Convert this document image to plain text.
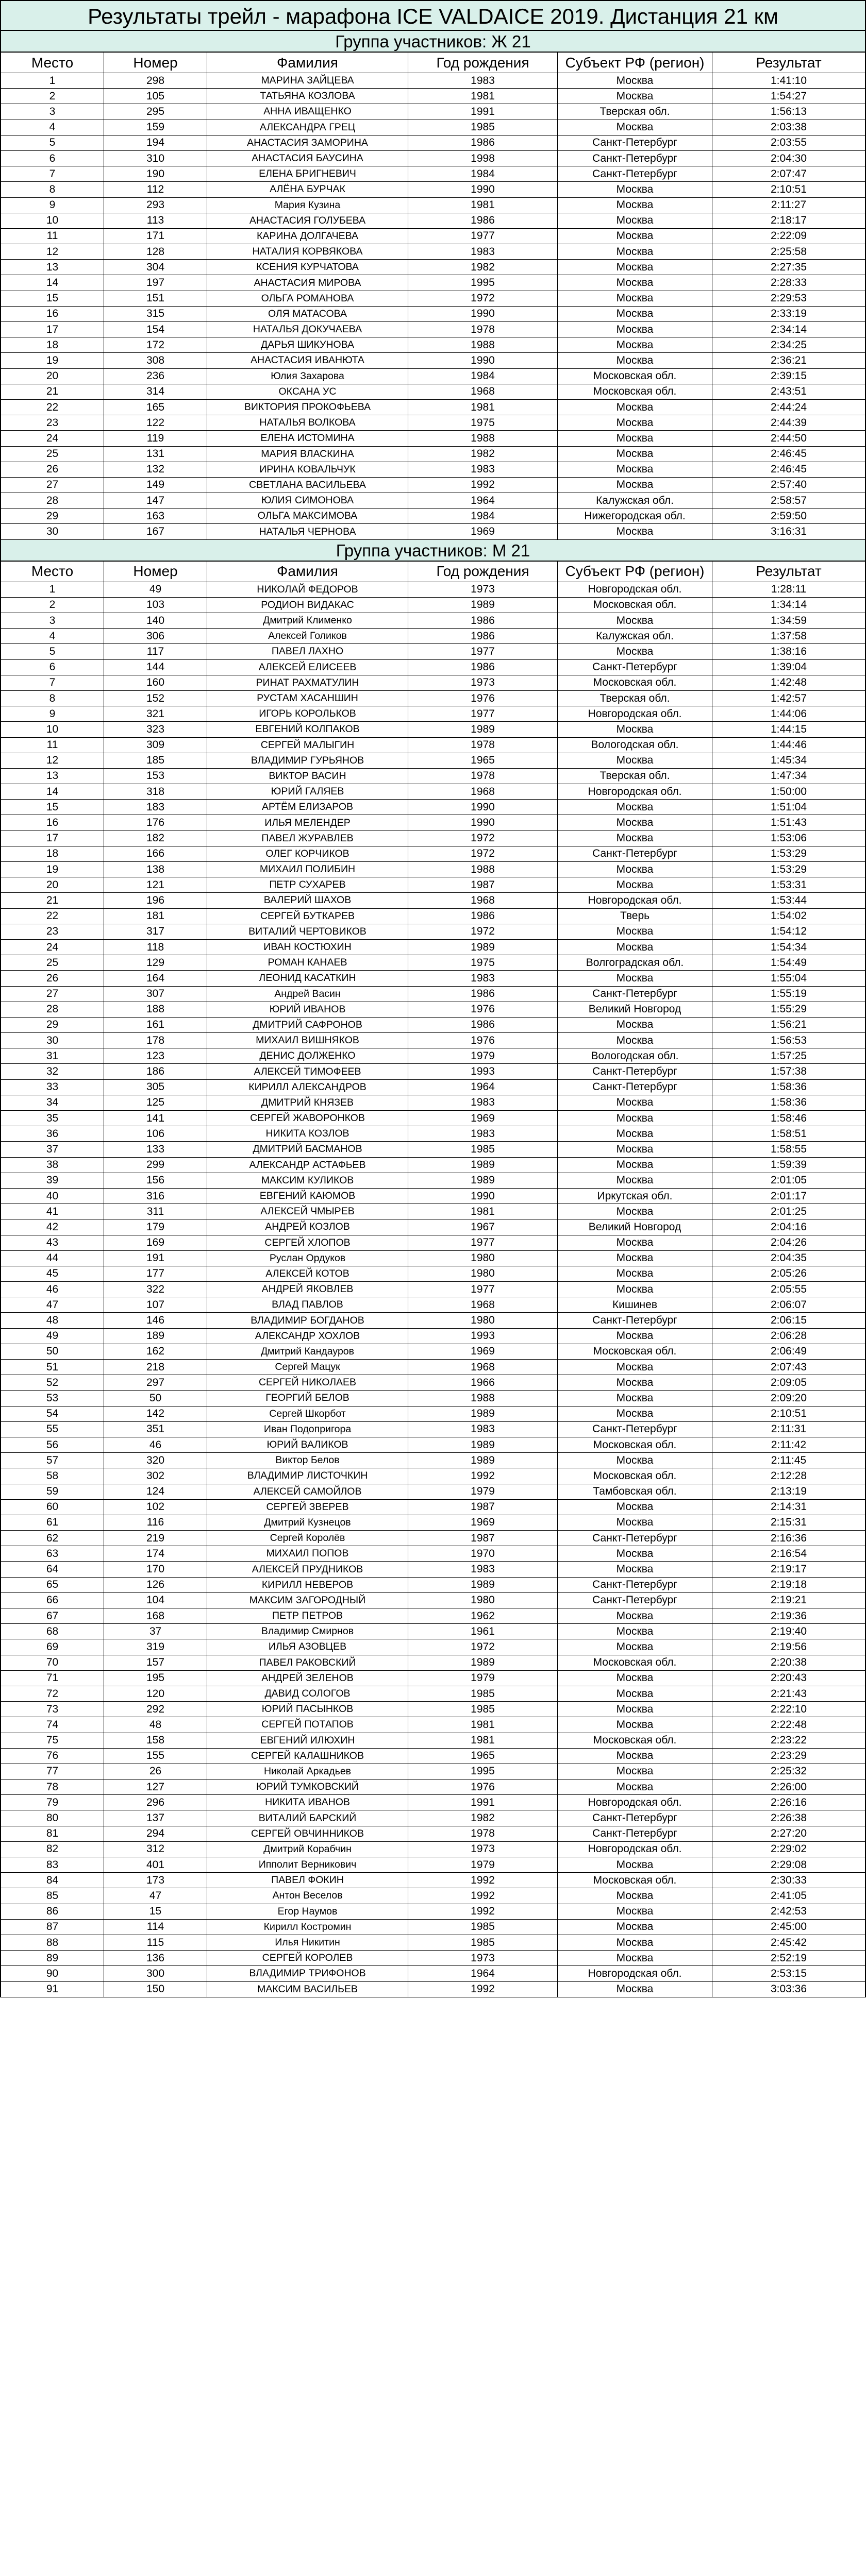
Результаты трейл - марафона ICE VALDAICE 2019. Дистанция 21 км
Группа участников: Ж 21
Место	Номер	Фамилия	Год рождения	Субъект РФ (регион)	Результат
1	298	МАРИНА ЗАЙЦЕВА	1983	Москва	1:41:10
2	105	ТАТЬЯНА КОЗЛОВА	1981	Москва	1:54:27
3	295	АННА ИВАЩЕНКО	1991	Тверская обл.	1:56:13
4	159	АЛЕКСАНДРА ГРЕЦ	1985	Москва	2:03:38
5	194	АНАСТАСИЯ ЗАМОРИНА	1986	Санкт-Петербург	2:03:55
6	310	АНАСТАСИЯ БАУСИНА	1998	Санкт-Петербург	2:04:30
7	190	ЕЛЕНА БРИГНЕВИЧ	1984	Санкт-Петербург	2:07:47
8	112	АЛЁНА БУРЧАК	1990	Москва	2:10:51
9	293	Мария Кузина	1981	Москва	2:11:27
10	113	АНАСТАСИЯ ГОЛУБЕВА	1986	Москва	2:18:17
11	171	КАРИНА ДОЛГАЧЕВА	1977	Москва	2:22:09
12	128	НАТАЛИЯ КОРВЯКОВА	1983	Москва	2:25:58
13	304	КСЕНИЯ КУРЧАТОВА	1982	Москва	2:27:35
14	197	АНАСТАСИЯ МИРОВА	1995	Москва	2:28:33
15	151	ОЛЬГА РОМАНОВА	1972	Москва	2:29:53
16	315	ОЛЯ МАТАСОВА	1990	Москва	2:33:19
17	154	НАТАЛЬЯ ДОКУЧАЕВА	1978	Москва	2:34:14
18	172	ДАРЬЯ ШИКУНОВА	1988	Москва	2:34:25
19	308	АНАСТАСИЯ ИВАНЮТА	1990	Москва	2:36:21
20	236	Юлия Захарова	1984	Московская обл.	2:39:15
21	314	ОКСАНА УС	1968	Московская обл.	2:43:51
22	165	ВИКТОРИЯ ПРОКОФЬЕВА	1981	Москва	2:44:24
23	122	НАТАЛЬЯ ВОЛКОВА	1975	Москва	2:44:39
24	119	ЕЛЕНА ИСТОМИНА	1988	Москва	2:44:50
25	131	МАРИЯ ВЛАСКИНА	1982	Москва	2:46:45
26	132	ИРИНА КОВАЛЬЧУК	1983	Москва	2:46:45
27	149	СВЕТЛАНА ВАСИЛЬЕВА	1992	Москва	2:57:40
28	147	ЮЛИЯ СИМОНОВА	1964	Калужская обл.	2:58:57
29	163	ОЛЬГА МАКСИМОВА	1984	Нижегородская обл.	2:59:50
30	167	НАТАЛЬЯ ЧЕРНОВА	1969	Москва	3:16:31
Группа участников: М 21
Место	Номер	Фамилия	Год рождения	Субъект РФ (регион)	Результат
1	49	НИКОЛАЙ ФЕДОРОВ	1973	Новгородская обл.	1:28:11
2	103	РОДИОН ВИДАКАС	1989	Московская обл.	1:34:14
3	140	Дмитрий Клименко	1986	Москва	1:34:59
4	306	Алексей Голиков	1986	Калужская обл.	1:37:58
5	117	ПАВЕЛ ЛАХНО	1977	Москва	1:38:16
6	144	АЛЕКСЕЙ ЕЛИСЕЕВ	1986	Санкт-Петербург	1:39:04
7	160	РИНАТ РАХМАТУЛИН	1973	Московская обл.	1:42:48
8	152	РУСТАМ ХАСАНШИН	1976	Тверская обл.	1:42:57
9	321	ИГОРЬ КОРОЛЬКОВ	1977	Новгородская обл.	1:44:06
10	323	ЕВГЕНИЙ КОЛПАКОВ	1989	Москва	1:44:15
11	309	СЕРГЕЙ МАЛЫГИН	1978	Вологодская обл.	1:44:46
12	185	ВЛАДИМИР ГУРЬЯНОВ	1965	Москва	1:45:34
13	153	ВИКТОР ВАСИН	1978	Тверская обл.	1:47:34
14	318	ЮРИЙ ГАЛЯЕВ	1968	Новгородская обл.	1:50:00
15	183	АРТЁМ ЕЛИЗАРОВ	1990	Москва	1:51:04
16	176	ИЛЬЯ МЕЛЕНДЕР	1990	Москва	1:51:43
17	182	ПАВЕЛ ЖУРАВЛЕВ	1972	Москва	1:53:06
18	166	ОЛЕГ КОРЧИКОВ	1972	Санкт-Петербург	1:53:29
19	138	МИХАИЛ ПОЛИБИН	1988	Москва	1:53:29
20	121	ПЕТР СУХАРЕВ	1987	Москва	1:53:31
21	196	ВАЛЕРИЙ ШАХОВ	1968	Новгородская обл.	1:53:44
22	181	СЕРГЕЙ БУТКАРЕВ	1986	Тверь	1:54:02
23	317	ВИТАЛИЙ ЧЕРТОВИКОВ	1972	Москва	1:54:12
24	118	ИВАН КОСТЮХИН	1989	Москва	1:54:34
25	129	РОМАН КАНАЕВ	1975	Волгоградская обл.	1:54:49
26	164	ЛЕОНИД КАСАТКИН	1983	Москва	1:55:04
27	307	Андрей Васин	1986	Санкт-Петербург	1:55:19
28	188	ЮРИЙ ИВАНОВ	1976	Великий Новгород	1:55:29
29	161	ДМИТРИЙ САФРОНОВ	1986	Москва	1:56:21
30	178	МИХАИЛ ВИШНЯКОВ	1976	Москва	1:56:53
31	123	ДЕНИС ДОЛЖЕНКО	1979	Вологодская обл.	1:57:25
32	186	АЛЕКСЕЙ ТИМОФЕЕВ	1993	Санкт-Петербург	1:57:38
33	305	КИРИЛЛ АЛЕКСАНДРОВ	1964	Санкт-Петербург	1:58:36
34	125	ДМИТРИЙ КНЯЗЕВ	1983	Москва	1:58:36
35	141	СЕРГЕЙ ЖАВОРОНКОВ	1969	Москва	1:58:46
36	106	НИКИТА КОЗЛОВ	1983	Москва	1:58:51
37	133	ДМИТРИЙ БАСМАНОВ	1985	Москва	1:58:55
38	299	АЛЕКСАНДР АСТАФЬЕВ	1989	Москва	1:59:39
39	156	МАКСИМ КУЛИКОВ	1989	Москва	2:01:05
40	316	ЕВГЕНИЙ КАЮМОВ	1990	Иркутская обл.	2:01:17
41	311	АЛЕКСЕЙ ЧМЫРЕВ	1981	Москва	2:01:25
42	179	АНДРЕЙ КОЗЛОВ	1967	Великий Новгород	2:04:16
43	169	СЕРГЕЙ ХЛОПОВ	1977	Москва	2:04:26
44	191	Руслан Ордуков	1980	Москва	2:04:35
45	177	АЛЕКСЕЙ КОТОВ	1980	Москва	2:05:26
46	322	АНДРЕЙ ЯКОВЛЕВ	1977	Москва	2:05:55
47	107	ВЛАД ПАВЛОВ	1968	Кишинев	2:06:07
48	146	ВЛАДИМИР БОГДАНОВ	1980	Санкт-Петербург	2:06:15
49	189	АЛЕКСАНДР ХОХЛОВ	1993	Москва	2:06:28
50	162	Дмитрий Кандауров	1969	Московская обл.	2:06:49
51	218	Сергей Мацук	1968	Москва	2:07:43
52	297	СЕРГЕЙ НИКОЛАЕВ	1966	Москва	2:09:05
53	50	ГЕОРГИЙ БЕЛОВ	1988	Москва	2:09:20
54	142	Сергей Шкорбот	1989	Москва	2:10:51
55	351	Иван Подопригора	1983	Санкт-Петербург	2:11:31
56	46	ЮРИЙ ВАЛИКОВ	1989	Московская обл.	2:11:42
57	320	Виктор Белов	1989	Москва	2:11:45
58	302	ВЛАДИМИР ЛИСТОЧКИН	1992	Московская обл.	2:12:28
59	124	АЛЕКСЕЙ САМОЙЛОВ	1979	Тамбовская обл.	2:13:19
60	102	СЕРГЕЙ ЗВЕРЕВ	1987	Москва	2:14:31
61	116	Дмитрий Кузнецов	1969	Москва	2:15:31
62	219	Сергей Королёв	1987	Санкт-Петербург	2:16:36
63	174	МИХАИЛ ПОПОВ	1970	Москва	2:16:54
64	170	АЛЕКСЕЙ ПРУДНИКОВ	1983	Москва	2:19:17
65	126	КИРИЛЛ НЕВЕРОВ	1989	Санкт-Петербург	2:19:18
66	104	МАКСИМ ЗАГОРОДНЫЙ	1980	Санкт-Петербург	2:19:21
67	168	ПЕТР ПЕТРОВ	1962	Москва	2:19:36
68	37	Владимир Смирнов	1961	Москва	2:19:40
69	319	ИЛЬЯ АЗОВЦЕВ	1972	Москва	2:19:56
70	157	ПАВЕЛ РАКОВСКИЙ	1989	Московская обл.	2:20:38
71	195	АНДРЕЙ ЗЕЛЕНОВ	1979	Москва	2:20:43
72	120	ДАВИД СОЛОГОВ	1985	Москва	2:21:43
73	292	ЮРИЙ ПАСЫНКОВ	1985	Москва	2:22:10
74	48	СЕРГЕЙ ПОТАПОВ	1981	Москва	2:22:48
75	158	ЕВГЕНИЙ ИЛЮХИН	1981	Московская обл.	2:23:22
76	155	СЕРГЕЙ КАЛАШНИКОВ	1965	Москва	2:23:29
77	26	Николай Аркадьев	1995	Москва	2:25:32
78	127	ЮРИЙ ТУМКОВСКИЙ	1976	Москва	2:26:00
79	296	НИКИТА ИВАНОВ	1991	Новгородская обл.	2:26:16
80	137	ВИТАЛИЙ БАРСКИЙ	1982	Санкт-Петербург	2:26:38
81	294	СЕРГЕЙ ОВЧИННИКОВ	1978	Санкт-Петербург	2:27:20
82	312	Дмитрий Корабчин	1973	Новгородская обл.	2:29:02
83	401	Ипполит Верникович	1979	Москва	2:29:08
84	173	ПАВЕЛ ФОКИН	1992	Московская обл.	2:30:33
85	47	Антон Веселов	1992	Москва	2:41:05
86	15	Егор Наумов	1992	Москва	2:42:53
87	114	Кирилл Костромин	1985	Москва	2:45:00
88	115	Илья Никитин	1985	Москва	2:45:42
89	136	СЕРГЕЙ КОРОЛЕВ	1973	Москва	2:52:19
90	300	ВЛАДИМИР ТРИФОНОВ	1964	Новгородская обл.	2:53:15
91	150	МАКСИМ ВАСИЛЬЕВ	1992	Москва	3:03:36
